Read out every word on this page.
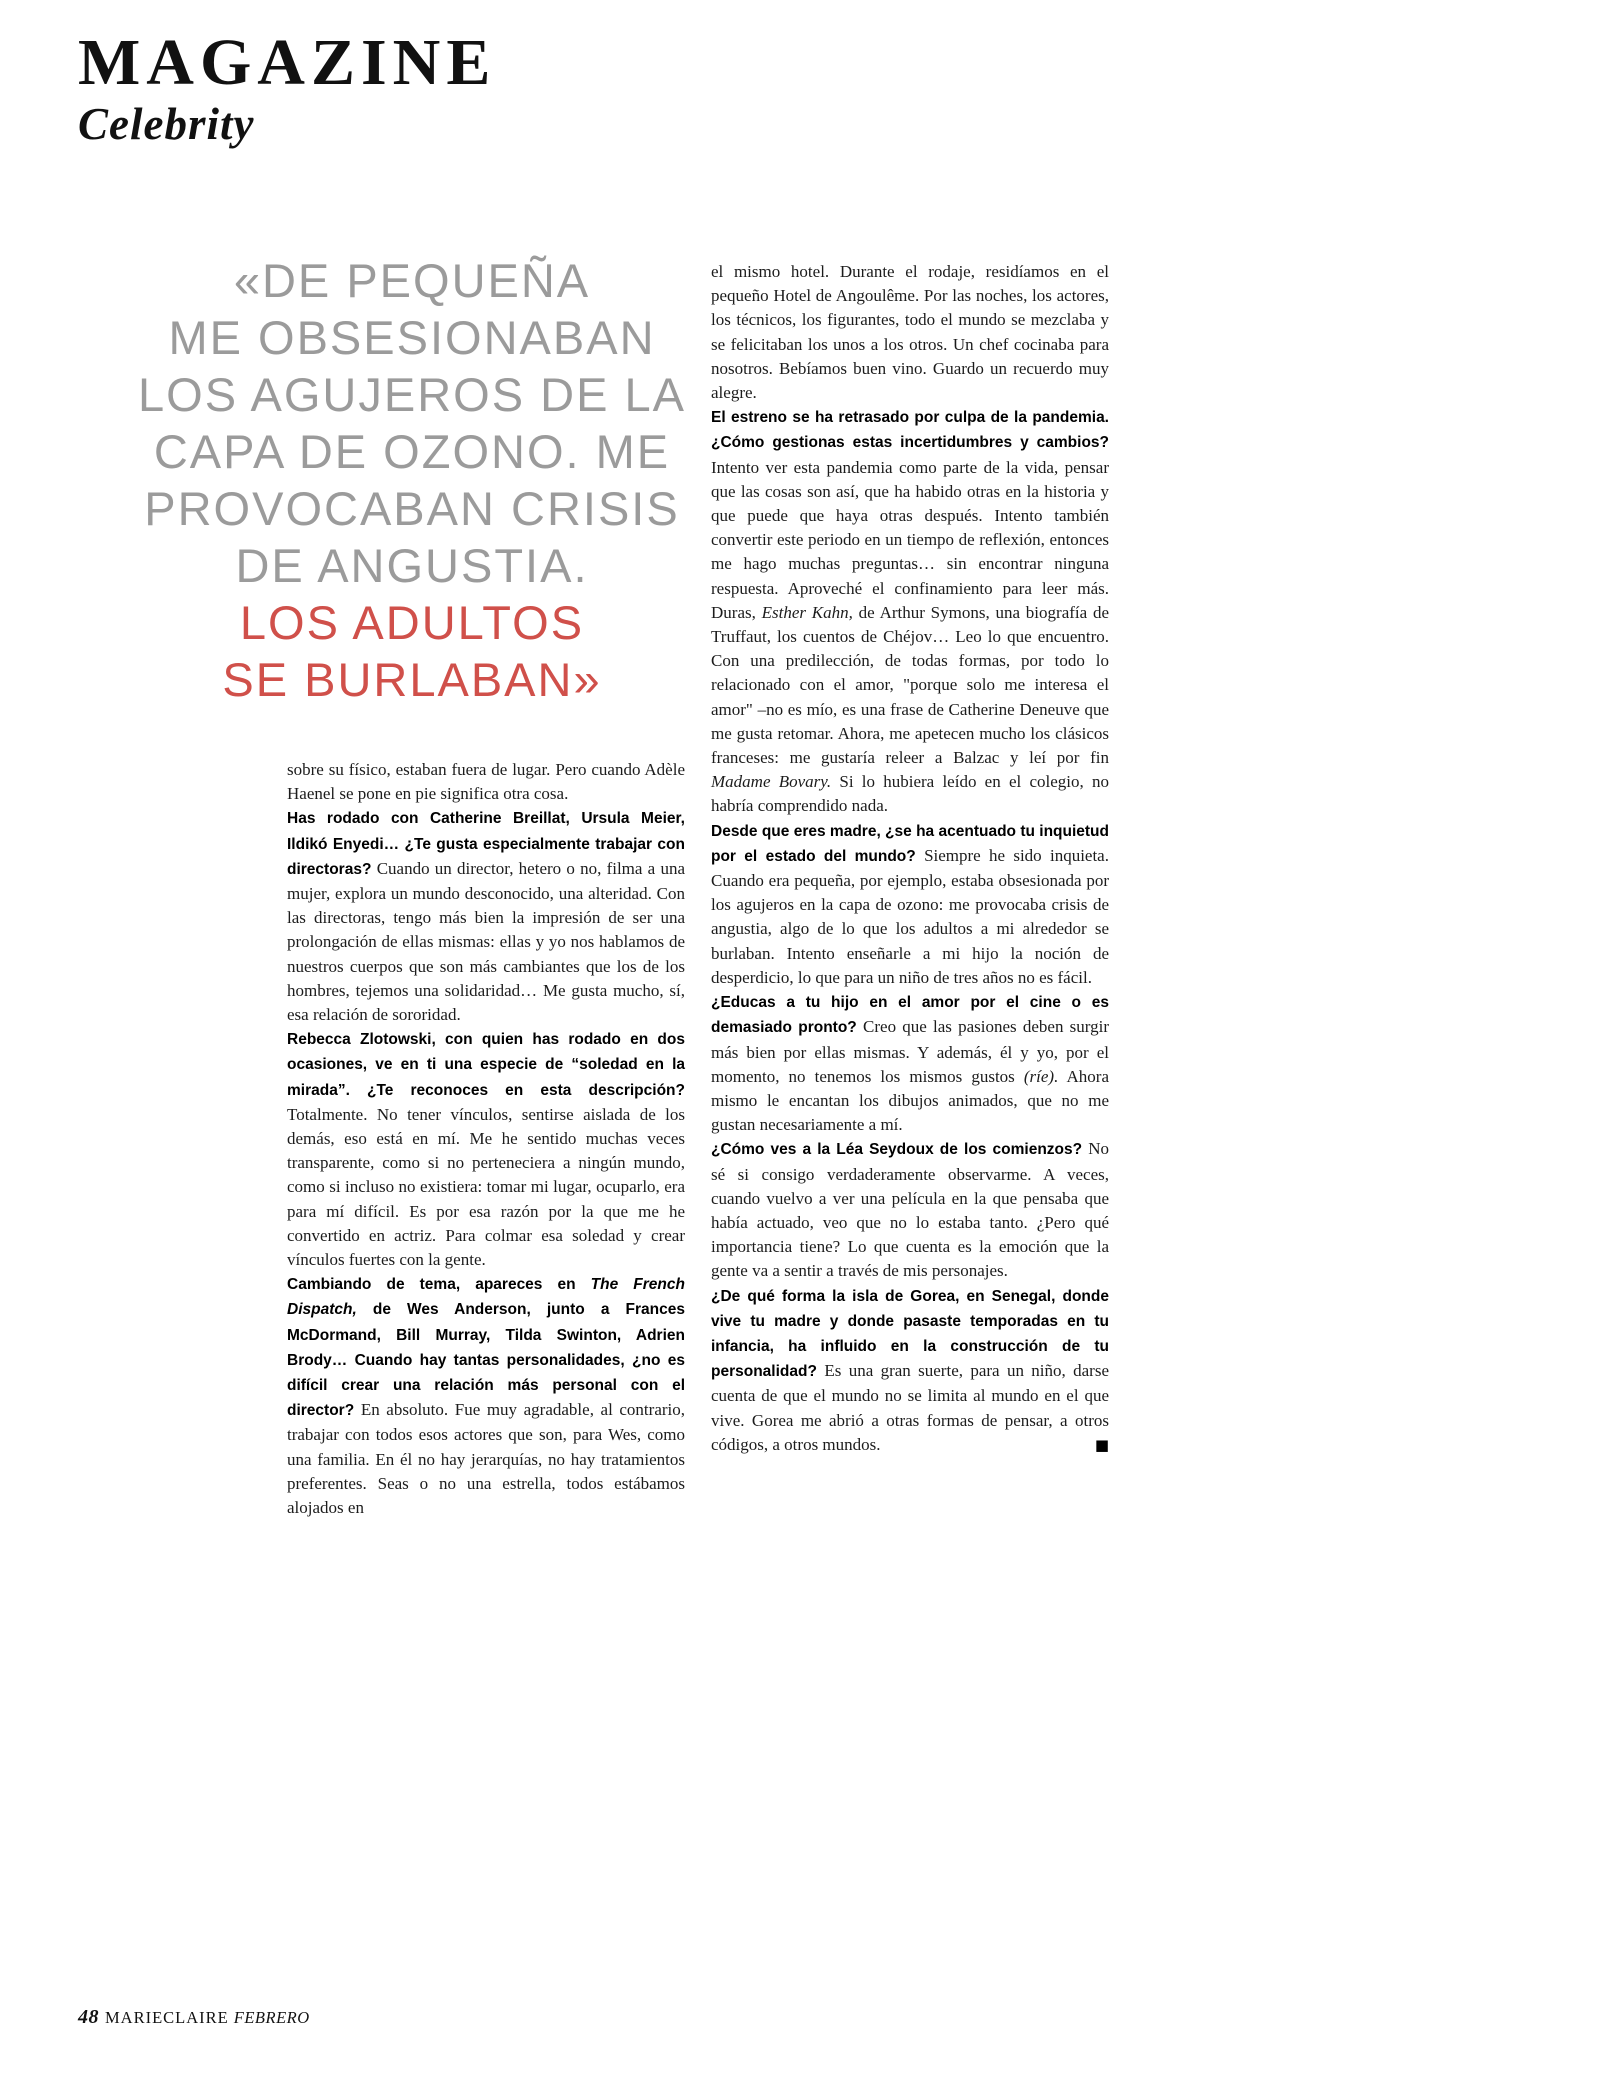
MAGAZINE
Celebrity
«DE PEQUEÑA
ME OBSESIONABAN
LOS AGUJEROS DE LA
CAPA DE OZONO. ME
PROVOCABAN CRISIS
DE ANGUSTIA.
LOS ADULTOS
SE BURLABAN»

sobre su físico, estaban fuera de lugar. Pero cuando Adèle Haenel se pone en pie significa otra cosa.

Has rodado con Catherine Breillat, Ursula Meier, Ildikó Enyedi… ¿Te gusta especialmente trabajar con directoras? Cuando un director, hetero o no, filma a una mujer, explora un mundo desconocido, una alteridad. Con las directoras, tengo más bien la impresión de ser una prolongación de ellas mismas: ellas y yo nos hablamos de nuestros cuerpos que son más cambiantes que los de los hombres, tejemos una solidaridad… Me gusta mucho, sí, esa relación de sororidad.

Rebecca Zlotowski, con quien has rodado en dos ocasiones, ve en ti una especie de “soledad en la mirada”. ¿Te reconoces en esta descripción? Totalmente. No tener vínculos, sentirse aislada de los demás, eso está en mí. Me he sentido muchas veces transparente, como si no perteneciera a ningún mundo, como si incluso no existiera: tomar mi lugar, ocuparlo, era para mí difícil. Es por esa razón por la que me he convertido en actriz. Para colmar esa soledad y crear vínculos fuertes con la gente.

Cambiando de tema, apareces en The French Dispatch, de Wes Anderson, junto a Frances McDormand, Bill Murray, Tilda Swinton, Adrien Brody… Cuando hay tantas personalidades, ¿no es difícil crear una relación más personal con el director? En absoluto. Fue muy agradable, al contrario, trabajar con todos esos actores que son, para Wes, como una familia. En él no hay jerarquías, no hay tratamientos preferentes. Seas o no una estrella, todos estábamos alojados en

el mismo hotel. Durante el rodaje, residíamos en el pequeño Hotel de Angoulême. Por las noches, los actores, los técnicos, los figurantes, todo el mundo se mezclaba y se felicitaban los unos a los otros. Un chef cocinaba para nosotros. Bebíamos buen vino. Guardo un recuerdo muy alegre.

El estreno se ha retrasado por culpa de la pandemia. ¿Cómo gestionas estas incertidumbres y cambios? Intento ver esta pandemia como parte de la vida, pensar que las cosas son así, que ha habido otras en la historia y que puede que haya otras después. Intento también convertir este periodo en un tiempo de reflexión, entonces me hago muchas preguntas… sin encontrar ninguna respuesta. Aproveché el confinamiento para leer más. Duras, Esther Kahn, de Arthur Symons, una biografía de Truffaut, los cuentos de Chéjov… Leo lo que encuentro. Con una predilección, de todas formas, por todo lo relacionado con el amor, "porque solo me interesa el amor" –no es mío, es una frase de Catherine Deneuve que me gusta retomar. Ahora, me apetecen mucho los clásicos franceses: me gustaría releer a Balzac y leí por fin Madame Bovary. Si lo hubiera leído en el colegio, no habría comprendido nada.

Desde que eres madre, ¿se ha acentuado tu inquietud por el estado del mundo? Siempre he sido inquieta. Cuando era pequeña, por ejemplo, estaba obsesionada por los agujeros en la capa de ozono: me provocaba crisis de angustia, algo de lo que los adultos a mi alrededor se burlaban. Intento enseñarle a mi hijo la noción de desperdicio, lo que para un niño de tres años no es fácil.

¿Educas a tu hijo en el amor por el cine o es demasiado pronto? Creo que las pasiones deben surgir más bien por ellas mismas. Y además, él y yo, por el momento, no tenemos los mismos gustos (ríe). Ahora mismo le encantan los dibujos animados, que no me gustan necesariamente a mí.

¿Cómo ves a la Léa Seydoux de los comienzos? No sé si consigo verdaderamente observarme. A veces, cuando vuelvo a ver una película en la que pensaba que había actuado, veo que no lo estaba tanto. ¿Pero qué importancia tiene? Lo que cuenta es la emoción que la gente va a sentir a través de mis personajes.

¿De qué forma la isla de Gorea, en Senegal, donde vive tu madre y donde pasaste temporadas en tu infancia, ha influido en la construcción de tu personalidad? Es una gran suerte, para un niño, darse cuenta de que el mundo no se limita al mundo en el que vive. Gorea me abrió a otras formas de pensar, a otros códigos, a otros mundos.	■

48 MARIECLAIRE FEBRERO
